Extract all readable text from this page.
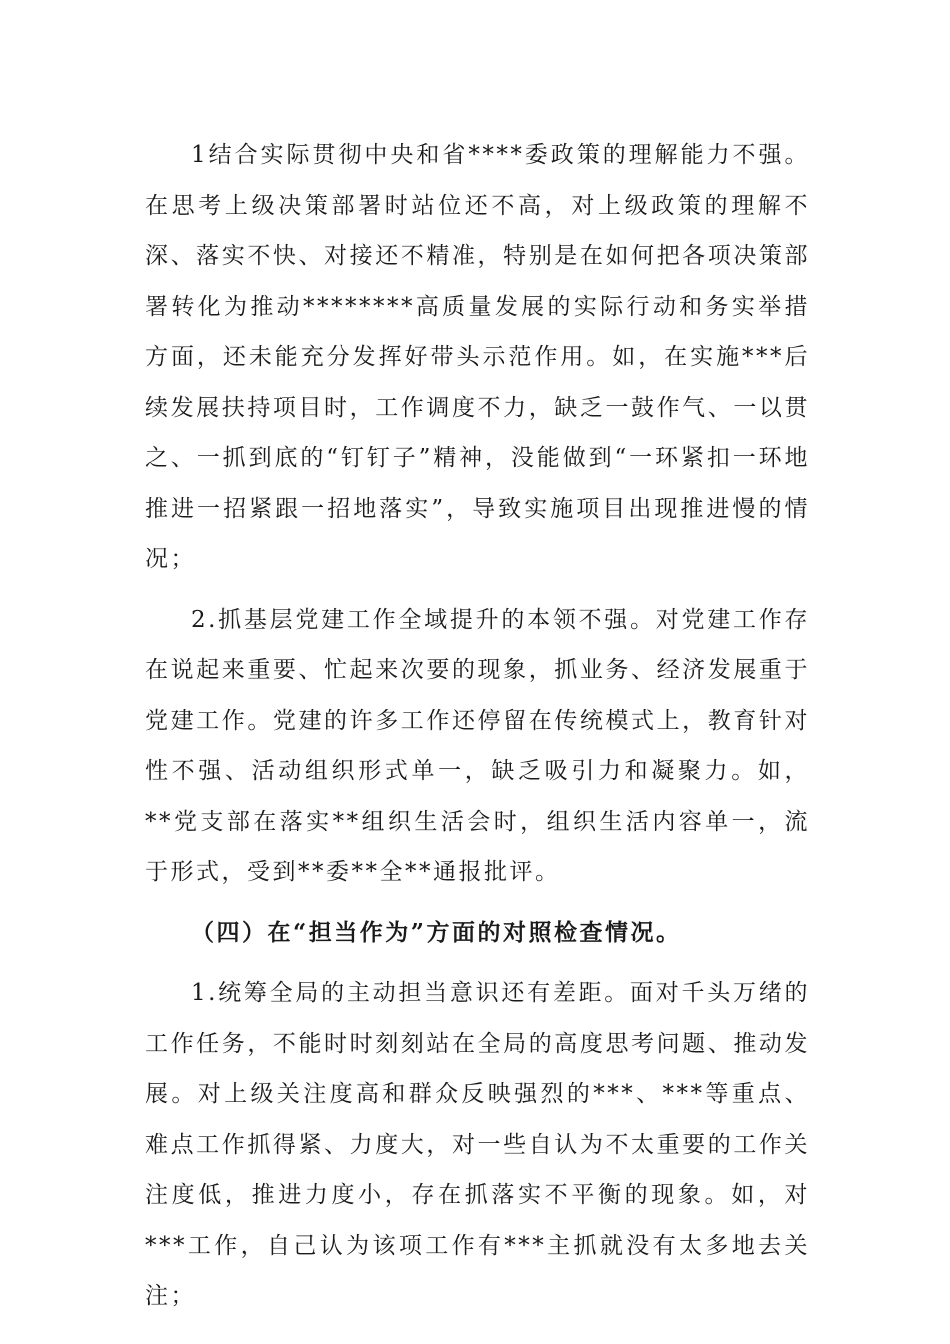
1结合实际贯彻中央和省****委政策的理解能力不强。在思考上级决策部署时站位还不高，对上级政策的理解不深、落实不快、对接还不精准，特别是在如何把各项决策部署转化为推动********高质量发展的实际行动和务实举措方面，还未能充分发挥好带头示范作用。如，在实施***后续发展扶持项目时，工作调度不力，缺乏一鼓作气、一以贯之、一抓到底的“钉钉子”精神，没能做到“一环紧扣一环地推进一招紧跟一招地落实”，导致实施项目出现推进慢的情况；

2.抓基层党建工作全域提升的本领不强。对党建工作存在说起来重要、忙起来次要的现象，抓业务、经济发展重于党建工作。党建的许多工作还停留在传统模式上，教育针对性不强、活动组织形式单一，缺乏吸引力和凝聚力。如，**党支部在落实**组织生活会时，组织生活内容单一，流于形式，受到**委**全**通报批评。

（四）在“担当作为”方面的对照检查情况。

1.统筹全局的主动担当意识还有差距。面对千头万绪的工作任务，不能时时刻刻站在全局的高度思考问题、推动发展。对上级关注度高和群众反映强烈的***、***等重点、难点工作抓得紧、力度大，对一些自认为不太重要的工作关注度低，推进力度小，存在抓落实不平衡的现象。如，对***工作，自己认为该项工作有***主抓就没有太多地去关注；
